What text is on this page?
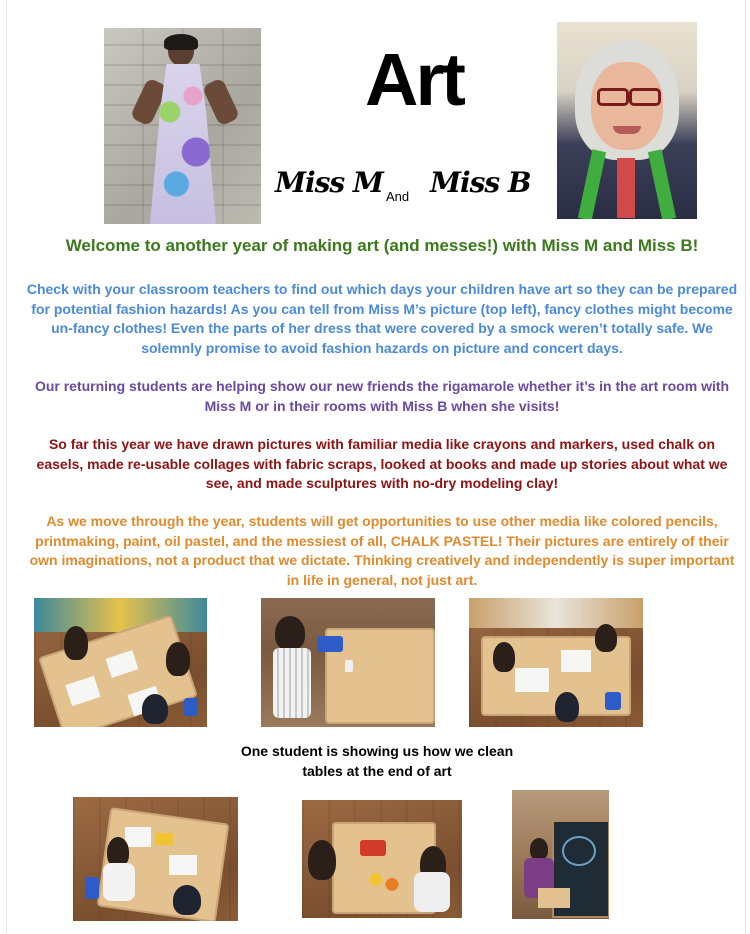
Art
Miss M And Miss B
Welcome to another year of making art (and messes!) with Miss M and Miss B!
Check with your classroom teachers to find out which days your children have art so they can be prepared for potential fashion hazards! As you can tell from Miss M’s picture (top left), fancy clothes might become un-fancy clothes! Even the parts of her dress that were covered by a smock weren’t totally safe. We solemnly promise to avoid fashion hazards on picture and concert days.
Our returning students are helping show our new friends the rigamarole whether it’s in the art room with Miss M or in their rooms with Miss B when she visits!
So far this year we have drawn pictures with familiar media like crayons and markers, used chalk on easels, made re-usable collages with fabric scraps, looked at books and made up stories about what we see, and made sculptures with no-dry modeling clay!
As we move through the year, students will get opportunities to use other media like colored pencils, printmaking, paint, oil pastel, and the messiest of all, CHALK PASTEL! Their pictures are entirely of their own imaginations, not a product that we dictate. Thinking creatively and independently is super important in life in general, not just art.
One student is showing us how we clean tables at the end of art
